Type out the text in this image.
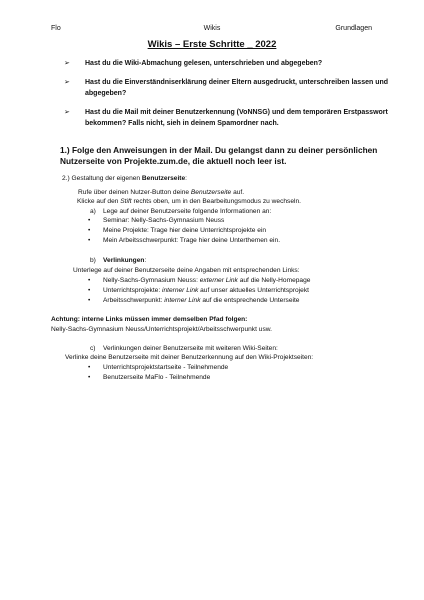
Flo	Wikis	Grundlagen
Wikis – Erste Schritte _ 2022
➢ Hast du die Wiki-Abmachung gelesen, unterschrieben und abgegeben?
➢ Hast du die Einverständniserklärung deiner Eltern ausgedruckt, unterschreiben lassen und abgegeben?
➢ Hast du die Mail mit deiner Benutzerkennung (VoNNSG) und dem temporären Erstpasswort bekommen? Falls nicht, sieh in deinem Spamordner nach.
1.) Folge den Anweisungen in der Mail. Du gelangst dann zu deiner persönlichen Nutzerseite von Projekte.zum.de, die aktuell noch leer ist.
2.) Gestaltung der eigenen Benutzerseite:
Rufe über deinen Nutzer-Button deine Benutzerseite auf.
Klicke auf den Stift rechts oben, um in den Bearbeitungsmodus zu wechseln.
a) Lege auf deiner Benutzerseite folgende Informationen an:
• Seminar: Nelly-Sachs-Gymnasium Neuss
• Meine Projekte: Trage hier deine Unterrichtsprojekte ein
• Mein Arbeitsschwerpunkt: Trage hier deine Unterthemen ein.
b) Verlinkungen:
Unterlege auf deiner Benutzerseite deine Angaben mit entsprechenden Links:
• Nelly-Sachs-Gymnasium Neuss: externer Link auf die Nelly-Homepage
• Unterrichtsprojekte: interner Link auf unser aktuelles Unterrichtsprojekt
• Arbeitsschwerpunkt: interner Link auf die entsprechende Unterseite
Achtung: interne Links müssen immer demselben Pfad folgen:
Nelly-Sachs-Gymnasium Neuss/Unterrichtsprojekt/Arbeitsschwerpunkt usw.
c) Verlinkungen deiner Benutzerseite mit weiteren Wiki-Seiten:
Verlinke deine Benutzerseite mit deiner Benutzerkennung auf den Wiki-Projektseiten:
• Unterrichtsprojektstartseite - Teilnehmende
• Benutzerseite MaFlo - Teilnehmende
